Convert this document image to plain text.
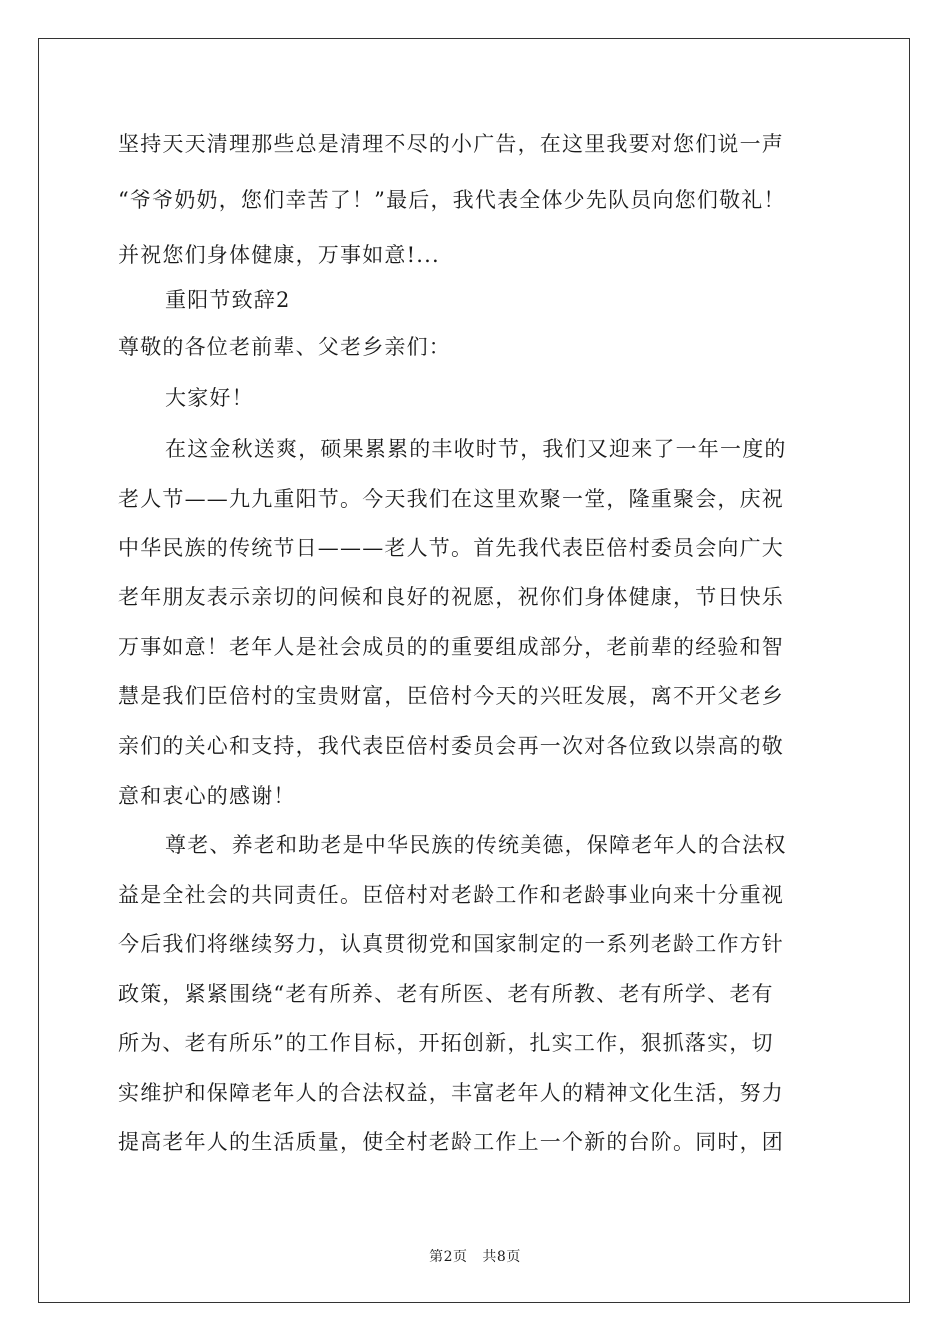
坚持天天清理那些总是清理不尽的小广告，在这里我要对您们说一声
“爷爷奶奶，您们幸苦了！”最后，我代表全体少先队员向您们敬礼！
并祝您们身体健康，万事如意!...
重阳节致辞2
尊敬的各位老前辈、父老乡亲们：
大家好！
在这金秋送爽，硕果累累的丰收时节，我们又迎来了一年一度的
老人节——九九重阳节。今天我们在这里欢聚一堂，隆重聚会，庆祝
中华民族的传统节日———老人节。首先我代表臣倍村委员会向广大
老年朋友表示亲切的问候和良好的祝愿，祝你们身体健康，节日快乐
万事如意！老年人是社会成员的的重要组成部分，老前辈的经验和智
慧是我们臣倍村的宝贵财富，臣倍村今天的兴旺发展，离不开父老乡
亲们的关心和支持，我代表臣倍村委员会再一次对各位致以崇高的敬
意和衷心的感谢！
尊老、养老和助老是中华民族的传统美德，保障老年人的合法权
益是全社会的共同责任。臣倍村对老龄工作和老龄事业向来十分重视
今后我们将继续努力，认真贯彻党和国家制定的一系列老龄工作方针
政策，紧紧围绕“老有所养、老有所医、老有所教、老有所学、老有
所为、老有所乐”的工作目标，开拓创新，扎实工作，狠抓落实，切
实维护和保障老年人的合法权益，丰富老年人的精神文化生活，努力
提高老年人的生活质量，使全村老龄工作上一个新的台阶。同时，团
第2页 共8页
